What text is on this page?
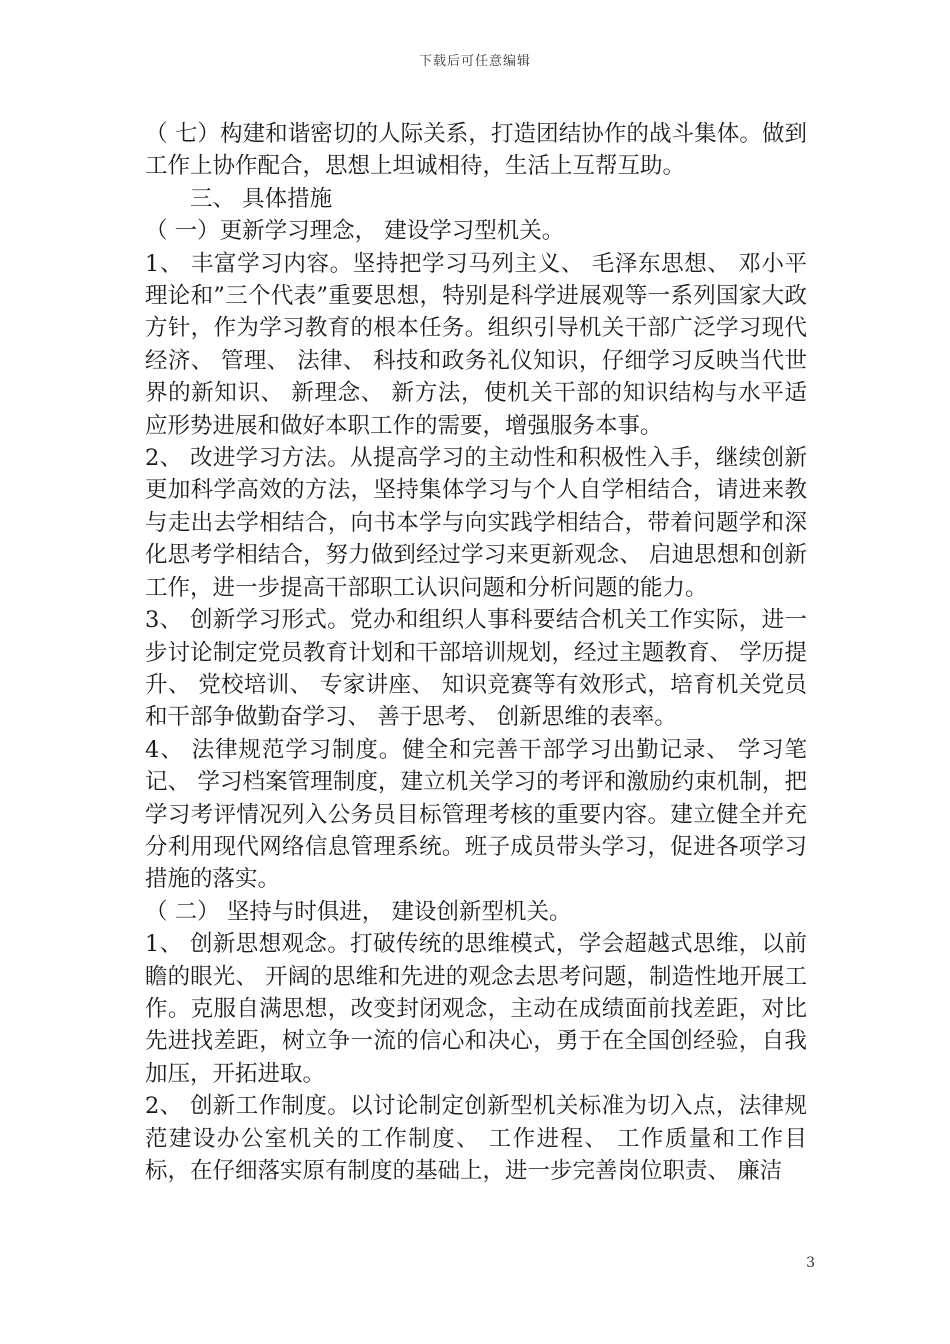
下载后可任意编辑

（ 七）构建和谐密切的人际关系，打造团结协作的战斗集体。做到工作上协作配合，思想上坦诚相待，生活上互帮互助。

三、 具体措施

（ 一）更新学习理念， 建设学习型机关。

1、 丰富学习内容。坚持把学习马列主义、 毛泽东思想、 邓小平理论和”三个代表”重要思想，特别是科学进展观等一系列国家大政方针，作为学习教育的根本任务。组织引导机关干部广泛学习现代经济、 管理、 法律、 科技和政务礼仪知识，仔细学习反映当代世界的新知识、 新理念、 新方法，使机关干部的知识结构与水平适应形势进展和做好本职工作的需要，增强服务本事。

2、 改进学习方法。从提高学习的主动性和积极性入手，继续创新更加科学高效的方法，坚持集体学习与个人自学相结合，请进来教与走出去学相结合，向书本学与向实践学相结合，带着问题学和深化思考学相结合，努力做到经过学习来更新观念、 启迪思想和创新工作，进一步提高干部职工认识问题和分析问题的能力。

3、 创新学习形式。党办和组织人事科要结合机关工作实际，进一步讨论制定党员教育计划和干部培训规划，经过主题教育、 学历提升、 党校培训、 专家讲座、 知识竞赛等有效形式，培育机关党员和干部争做勤奋学习、 善于思考、 创新思维的表率。

4、 法律规范学习制度。健全和完善干部学习出勤记录、 学习笔记、 学习档案管理制度，建立机关学习的考评和激励约束机制，把学习考评情况列入公务员目标管理考核的重要内容。建立健全并充分利用现代网络信息管理系统。班子成员带头学习，促进各项学习措施的落实。

（ 二） 坚持与时俱进， 建设创新型机关。

1、 创新思想观念。打破传统的思维模式，学会超越式思维，以前瞻的眼光、 开阔的思维和先进的观念去思考问题，制造性地开展工作。克服自满思想，改变封闭观念，主动在成绩面前找差距，对比先进找差距，树立争一流的信心和决心，勇于在全国创经验，自我加压，开拓进取。

2、 创新工作制度。以讨论制定创新型机关标准为切入点，法律规范建设办公室机关的工作制度、 工作进程、 工作质量和工作目标，在仔细落实原有制度的基础上，进一步完善岗位职责、 廉洁

3
